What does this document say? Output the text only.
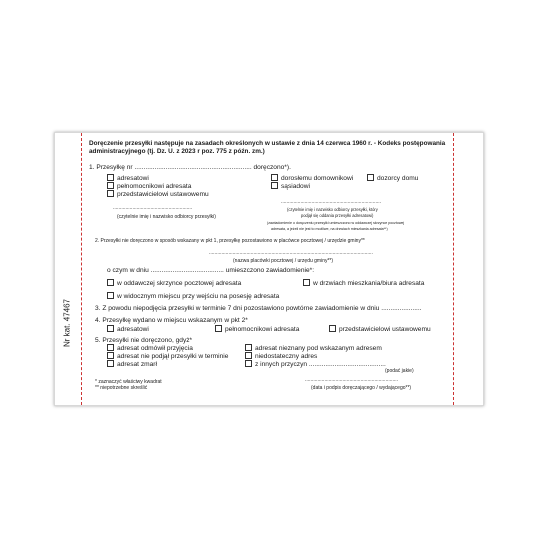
Nr kat. 47467
Doręczenie przesyłki następuje na zasadach określonych w ustawie z dnia 14 czerwca 1960 r. - Kodeks postępowania
administracyjnego (tj. Dz. U. z 2023 r poz. 775 z późn. zm.)
1. Przesyłkę nr ................................................................ doręczono*).
adresatowi	dorosłemu domownikowi	dozorcy domu
pełnomocnikowi adresata	sąsiadowi
przedstawicielowi ustawowemu
.........................................................
(czytelnie imię i nazwisko odbiorcy przesyłki)
........................................................................
(czytelnie imię i nazwisko odbiorcy przesyłki, który
podjął się oddania przesyłki adresatowi)
(zawiadomienie o doręczeniu przesyłki umieszczono w oddawczej skrzynce pocztowej
adresata, a jeżeli nie jest to możliwe, na drzwiach mieszkania adresata**)
2. Przesyłki nie doręczono w sposób wskazany w pkt 1, przesyłkę pozostawiono w placówce pocztowej / urzędzie gminy**
......................................................................................................................
(nazwa placówki pocztowej / urzędu gminy**)
o czym w dniu ........................................ umieszczono zawiadomienie*:
w oddawczej skrzynce pocztowej adresata	w drzwiach mieszkania/biura adresata
w widocznym miejscu przy wejściu na posesję adresata
3. Z powodu niepodjęcia przesyłki w terminie 7 dni pozostawiono powtórne zawiadomienie w dniu ......................
4. Przesyłkę wydano w miejscu wskazanym w pkt 2*
adresatowi	pełnomocnikowi adresata	przedstawicielowi ustawowemu
5. Przesyłki nie doręczono, gdyż*
adresat odmówił przyjęcia	adresat nieznany pod wskazanym adresem
adresat nie podjął przesyłki w terminie	niedostateczny adres
adresat zmarł	z innych przyczyn ..........................................
(podać jakie)
* zaznaczyć właściwy kwadrat
** niepotrzebne skreślić
...................................................................
(data i podpis doręczającego / wydającego**)
